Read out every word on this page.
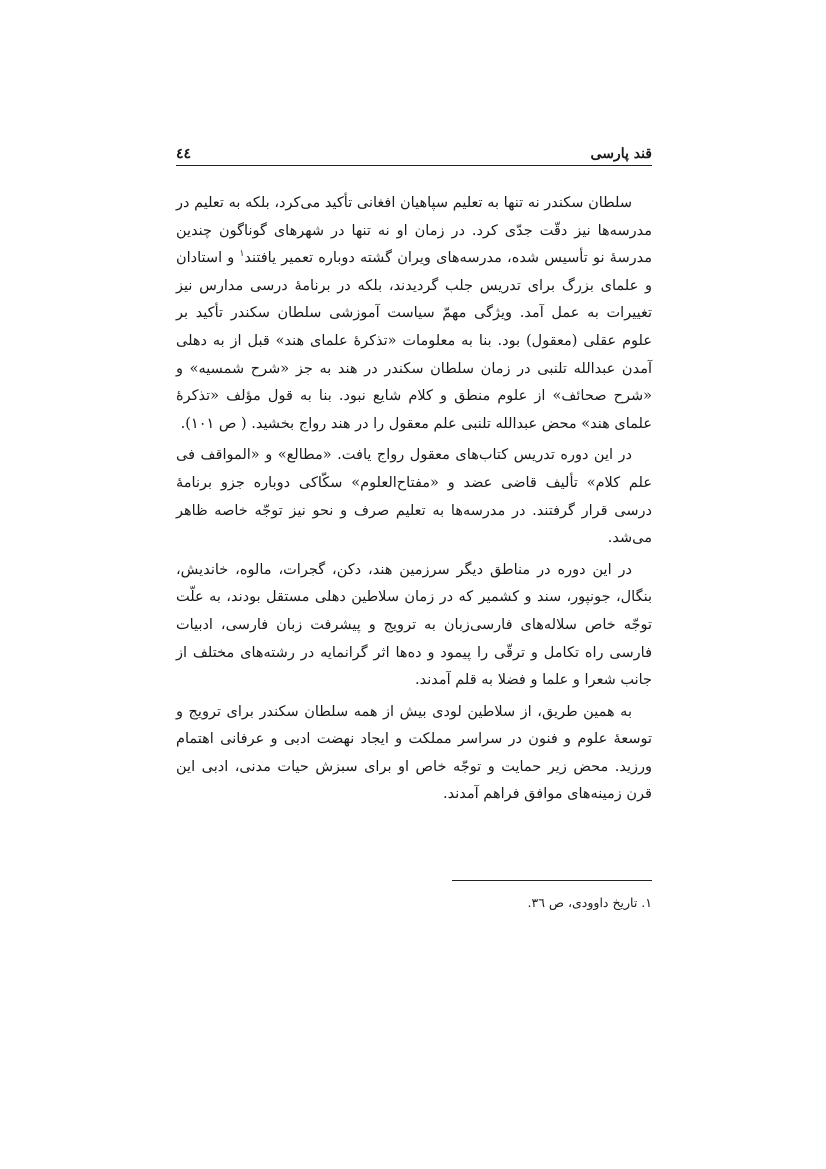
قند پارسی
٤٤

سلطان سکندر نه تنها به تعلیم سپاهیان افغانی تأکید می‌کرد، بلکه به تعلیم در مدرسه‌ها نیز دقّت جدّی کرد. در زمان او نه تنها در شهرهای گوناگون چندین مدرسهٔ نو تأسیس شده، مدرسه‌های ویران گشته دوباره تعمیر یافتند$^۱$ و استادان و علمای بزرگ برای تدریس جلب گردیدند، بلکه در برنامهٔ درسی مدارس نیز تغییرات به عمل آمد. ویژگی مهمّ سیاست آموزشی سلطان سکندر تأکید بر علوم عقلی (معقول) بود. بنا به معلومات «تذکرهٔ علمای هند» قبل از به دهلی آمدن عبدالله تلنبی در زمان سلطان سکندر در هند به جز «شرح شمسیه» و «شرح صحائف» از علوم منطق و کلام شایع نبود. بنا به قول مؤلف «تذکرهٔ علمای هند» محض عبدالله تلنبی علم معقول را در هند رواج بخشید. ( ص ۱۰۱).

در این دوره تدریس کتاب‌های معقول رواج یافت. «مطالع» و «المواقف فی علم کلام» تألیف قاضی عضد و «مفتاح‌العلوم» سکّاکی دوباره جزو برنامهٔ درسی قرار گرفتند. در مدرسه‌ها به تعلیم صرف و نحو نیز توجّه خاصه ظاهر می‌شد.

در این دوره در مناطق دیگر سرزمین هند، دکن، گجرات، مالوه، خاندیش، بنگال، جونپور، سند و کشمیر که در زمان سلاطین دهلی مستقل بودند، به علّت توجّه خاص سلاله‌های فارسی‌زبان به ترویج و پیشرفت زبان فارسی، ادبیات فارسی راه تکامل و ترقّی را پیمود و ده‌ها اثر گرانمایه در رشته‌های مختلف از جانب شعرا و علما و فضلا به قلم آمدند.

به همین طریق، از سلاطین لودی بیش از همه سلطان سکندر برای ترویج و توسعهٔ علوم و فنون در سراسر مملکت و ایجاد نهضت ادبی و عرفانی اهتمام ورزید. محض زیر حمایت و توجّه خاص او برای سبزش حیات مدنی، ادبی این قرن زمینه‌های موافق فراهم آمدند.

۱. تاریخ داوودی، ص ٣٦.
